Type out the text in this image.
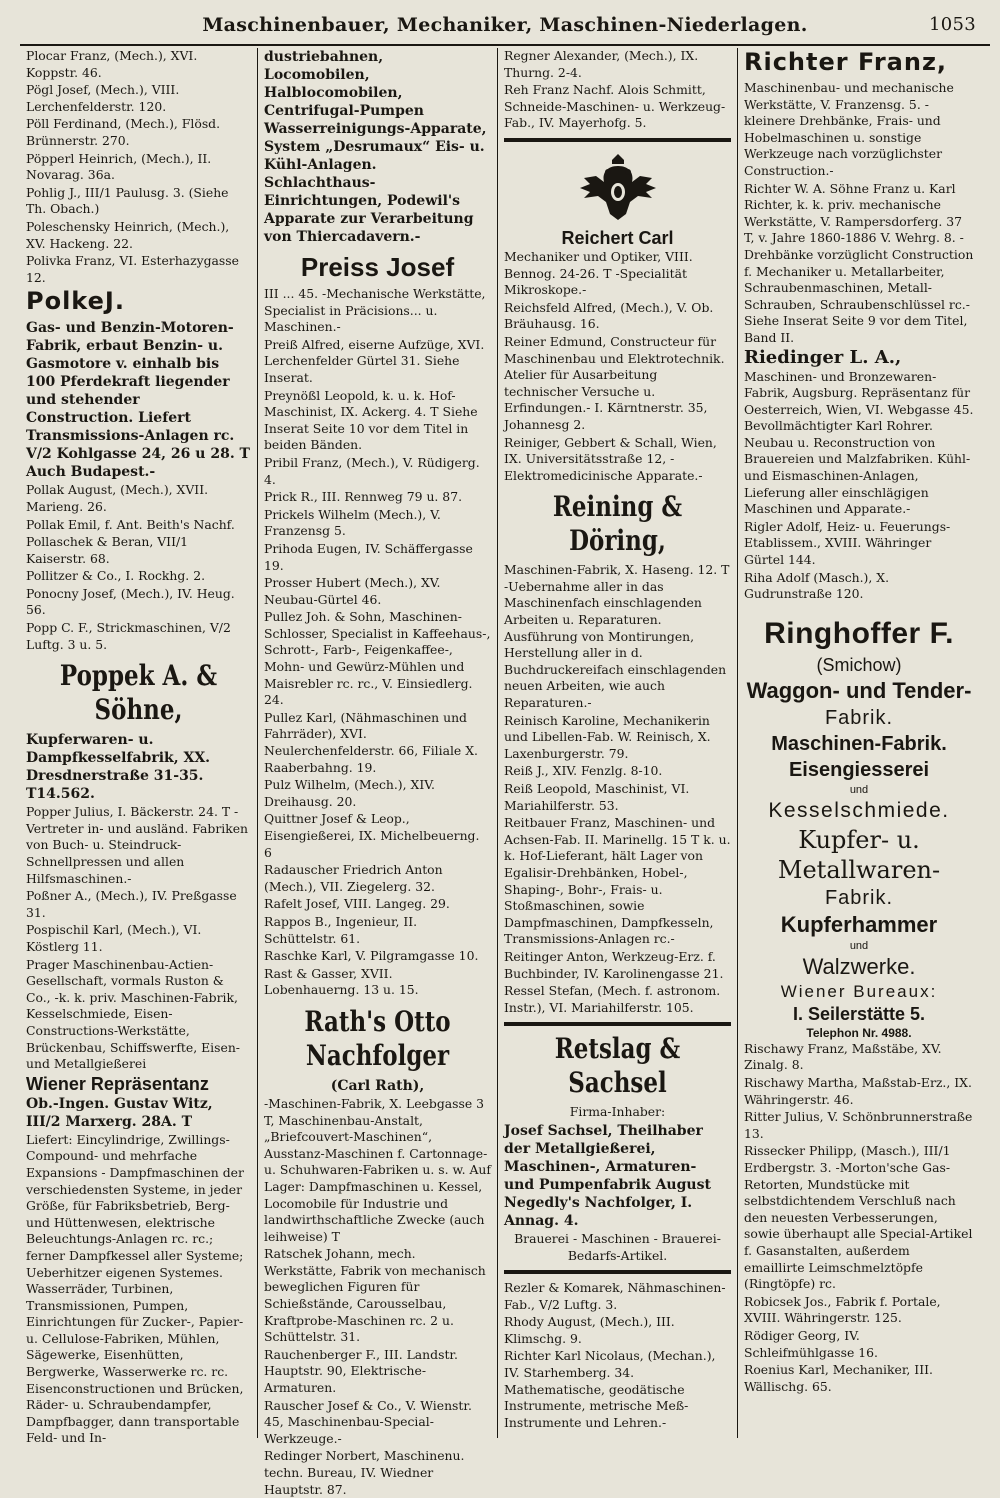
Maschinenbauer, Mechaniker, Maschinen-Niederlagen.	1053
Plocar Franz, (Mech.), XVI. Koppstr. 46.
Pögl Josef, (Mech.), VIII. Lerchenfelderstr. 120.
Pöll Ferdinand, (Mech.), Flösd. Brünnerstr. 270.
Pöpperl Heinrich, (Mech.), II. Novarag. 36a.
Pohlig J., III/1 Paulusg. 3. (Siehe Th. Obach.)
Poleschensky Heinrich, (Mech.), XV. Hackeng. 22.
Polivka Franz, VI. Esterhazygasse 12.
PolkeJ.
Gas- und Benzin-Motoren-Fabrik, erbaut Benzin- u. Gasmotore v. einhalb bis 100 Pferdekraft liegender und stehender Construction. Liefert Transmissions-Anlagen rc. V/2 Kohlgasse 24, 26 u 28. T Auch Budapest.-
Pollak August, (Mech.), XVII. Marieng. 26.
Pollak Emil, f. Ant. Beith's Nachf.
Pollaschek & Beran, VII/1 Kaiserstr. 68.
Pollitzer & Co., I. Rockhg. 2.
Ponocny Josef, (Mech.), IV. Heug. 56.
Popp C. F., Strickmaschinen, V/2 Luftg. 3 u. 5.
Poppek A. & Söhne,
Kupferwaren- u. Dampfkesselfabrik, XX. Dresdnerstraße 31-35. T14.562.
Popper Julius, I. Bäckerstr. 24. T -Vertreter in- und ausländ. Fabriken von Buch- u. Steindruck-Schnellpressen und allen Hilfsmaschinen.-
Poßner A., (Mech.), IV. Preßgasse 31.
Pospischil Karl, (Mech.), VI. Köstlerg 11.
Prager Maschinenbau-Actien-Gesellschaft, vormals Ruston & Co., -k. k. priv. Maschinen-Fabrik, Kesselschmiede, Eisen-Constructions-Werkstätte, Brückenbau, Schiffswerfte, Eisen- und Metallgießerei
Wiener Repräsentanz
Ob.-Ingen. Gustav Witz, III/2 Marxerg. 28A. T
Liefert: Eincylindrige, Zwillings-Compound- und mehrfache Expansions - Dampfmaschinen der verschiedensten Systeme, in jeder Größe, für Fabriksbetrieb, Berg- und Hüttenwesen, elektrische Beleuchtungs-Anlagen rc. rc.; ferner Dampfkessel aller Systeme; Ueberhitzer eigenen Systemes. Wasserräder, Turbinen, Transmissionen, Pumpen, Einrichtungen für Zucker-, Papier- u. Cellulose-Fabriken, Mühlen, Sägewerke, Eisenhütten, Bergwerke, Wasserwerke rc. rc. Eisenconstructionen und Brücken, Räder- u. Schraubendampfer, Dampfbagger, dann transportable Feld- und In-
dustriebahnen, Locomobilen, Halblocomobilen, Centrifugal-Pumpen Wasserreinigungs-Apparate, System „Desrumaux“ Eis- u. Kühl-Anlagen. Schlachthaus-Einrichtungen, Podewil's Apparate zur Verarbeitung von Thiercadavern.-
Preiss Josef
III ... 45. -Mechanische Werkstätte, Specialist in Präcisions... u. Maschinen.-
Preiß Alfred, eiserne Aufzüge, XVI. Lerchenfelder Gürtel 31. Siehe Inserat.
Preynößl Leopold, k. u. k. Hof-Maschinist, IX. Ackerg. 4. T Siehe Inserat Seite 10 vor dem Titel in beiden Bänden.
Pribil Franz, (Mech.), V. Rüdigerg. 4.
Prick R., III. Rennweg 79 u. 87.
Prickels Wilhelm (Mech.), V. Franzensg 5.
Prihoda Eugen, IV. Schäffergasse 19.
Prosser Hubert (Mech.), XV. Neubau-Gürtel 46.
Pullez Joh. & Sohn, Maschinen-Schlosser, Specialist in Kaffeehaus-, Schrott-, Farb-, Feigenkaffee-, Mohn- und Gewürz-Mühlen und Maisrebler rc. rc., V. Einsiedlerg. 24.
Pullez Karl, (Nähmaschinen und Fahrräder), XVI. Neulerchenfelderstr. 66, Filiale X. Raaberbahng. 19.
Pulz Wilhelm, (Mech.), XIV. Dreihausg. 20.
Quittner Josef & Leop., Eisengießerei, IX. Michelbeuerng. 6
Radauscher Friedrich Anton (Mech.), VII. Ziegelerg. 32.
Rafelt Josef, VIII. Langeg. 29.
Rappos B., Ingenieur, II. Schüttelstr. 61.
Raschke Karl, V. Pilgramgasse 10.
Rast & Gasser, XVII. Lobenhauerng. 13 u. 15.
Rath's Otto Nachfolger
(Carl Rath),
-Maschinen-Fabrik, X. Leebgasse 3 T, Maschinenbau-Anstalt, „Briefcouvert-Maschinen“, Ausstanz-Maschinen f. Cartonnage- u. Schuhwaren-Fabriken u. s. w. Auf Lager: Dampfmaschinen u. Kessel, Locomobile für Industrie und landwirthschaftliche Zwecke (auch leihweise) T
Ratschek Johann, mech. Werkstätte, Fabrik von mechanisch beweglichen Figuren für Schießstände, Carousselbau, Kraftprobe-Maschinen rc. 2 u. Schüttelstr. 31.
Rauchenberger F., III. Landstr. Hauptstr. 90, Elektrische-Armaturen.
Rauscher Josef & Co., V. Wienstr. 45, Maschinenbau-Special-Werkzeuge.-
Redinger Norbert, Maschinenu. techn. Bureau, IV. Wiedner Hauptstr. 87.
Regner Alexander, (Mech.), IX. Thurng. 2-4.
Reh Franz Nachf. Alois Schmitt, Schneide-Maschinen- u. Werkzeug-Fab., IV. Mayerhofg. 5.
Reichert Carl
Mechaniker und Optiker, VIII. Bennog. 24-26. T -Specialität Mikroskope.-
Reichsfeld Alfred, (Mech.), V. Ob. Bräuhausg. 16.
Reiner Edmund, Constructeur für Maschinenbau und Elektrotechnik. Atelier für Ausarbeitung technischer Versuche u. Erfindungen.- I. Kärntnerstr. 35, Johannesg 2.
Reiniger, Gebbert & Schall, Wien, IX. Universitätsstraße 12, -Elektromedicinische Apparate.-
Reining & Döring,
Maschinen-Fabrik, X. Haseng. 12. T -Uebernahme aller in das Maschinenfach einschlagenden Arbeiten u. Reparaturen. Ausführung von Montirungen, Herstellung aller in d. Buchdruckereifach einschlagenden neuen Arbeiten, wie auch Reparaturen.-
Reinisch Karoline, Mechanikerin und Libellen-Fab. W. Reinisch, X. Laxenburgerstr. 79.
Reiß J., XIV. Fenzlg. 8-10.
Reiß Leopold, Maschinist, VI. Mariahilferstr. 53.
Reitbauer Franz, Maschinen- und Achsen-Fab. II. Marinellg. 15 T k. u. k. Hof-Lieferant, hält Lager von Egalisir-Drehbänken, Hobel-, Shaping-, Bohr-, Frais- u. Stoßmaschinen, sowie Dampfmaschinen, Dampfkesseln, Transmissions-Anlagen rc.-
Reitinger Anton, Werkzeug-Erz. f. Buchbinder, IV. Karolinengasse 21.
Ressel Stefan, (Mech. f. astronom. Instr.), VI. Mariahilferstr. 105.
Retslag & Sachsel
Firma-Inhaber:
Josef Sachsel, Theilhaber der Metallgießerei, Maschinen-, Armaturen- und Pumpenfabrik August Negedly's Nachfolger, I. Annag. 4.
Brauerei - Maschinen - Brauerei-Bedarfs-Artikel.
Rezler & Komarek, Nähmaschinen-Fab., V/2 Luftg. 3.
Rhody August, (Mech.), III. Klimschg. 9.
Richter Karl Nicolaus, (Mechan.), IV. Starhemberg. 34. Mathematische, geodätische Instrumente, metrische Meß-Instrumente und Lehren.-
Richter Franz,
Maschinenbau- und mechanische Werkstätte, V. Franzensg. 5. -kleinere Drehbänke, Frais- und Hobelmaschinen u. sonstige Werkzeuge nach vorzüglichster Construction.-
Richter W. A. Söhne Franz u. Karl Richter, k. k. priv. mechanische Werkstätte, V. Rampersdorferg. 37 T, v. Jahre 1860-1886 V. Wehrg. 8. -Drehbänke vorzüglicht Construction f. Mechaniker u. Metallarbeiter, Schraubenmaschinen, Metall-Schrauben, Schraubenschlüssel rc.- Siehe Inserat Seite 9 vor dem Titel, Band II.
Riedinger L. A.,
Maschinen- und Bronzewaren-Fabrik, Augsburg. Repräsentanz für Oesterreich, Wien, VI. Webgasse 45. Bevollmächtigter Karl Rohrer. Neubau u. Reconstruction von Brauereien und Malzfabriken. Kühl- und Eismaschinen-Anlagen, Lieferung aller einschlägigen Maschinen und Apparate.-
Rigler Adolf, Heiz- u. Feuerungs-Etablissem., XVIII. Währinger Gürtel 144.
Riha Adolf (Masch.), X. Gudrunstraße 120.
Ringhoffer F.
(Smichow)
Waggon- und Tender-
Fabrik.
Maschinen-Fabrik.
Eisengiesserei
und
Kesselschmiede.
Kupfer- u. Metallwaren-
Fabrik.
Kupferhammer
und
Walzwerke.
Wiener Bureaux:
I. Seilerstätte 5.
Telephon Nr. 4988.
Rischawy Franz, Maßstäbe, XV. Zinalg. 8.
Rischawy Martha, Maßstab-Erz., IX. Währingerstr. 46.
Ritter Julius, V. Schönbrunnerstraße 13.
Rissecker Philipp, (Masch.), III/1 Erdbergstr. 3. -Morton'sche Gas-Retorten, Mundstücke mit selbstdichtendem Verschluß nach den neuesten Verbesserungen, sowie überhaupt alle Special-Artikel f. Gasanstalten, außerdem emaillirte Leimschmelztöpfe (Ringtöpfe) rc.
Robicsek Jos., Fabrik f. Portale, XVIII. Währingerstr. 125.
Rödiger Georg, IV. Schleifmühlgasse 16.
Roenius Karl, Mechaniker, III. Wällischg. 65.
